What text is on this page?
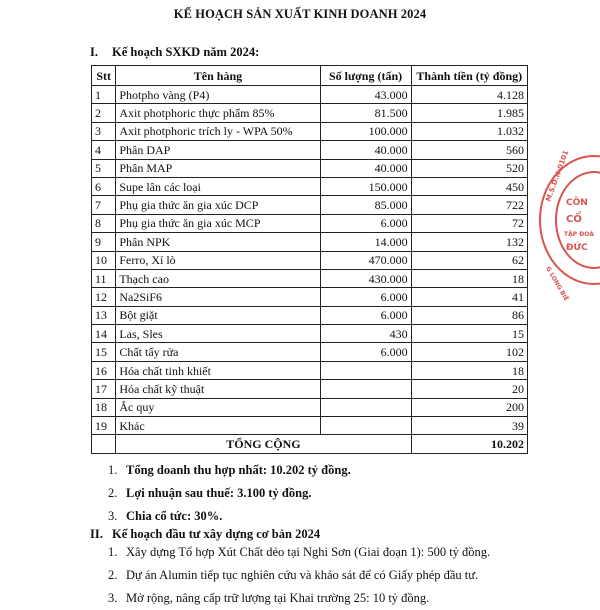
KẾ HOẠCH SẢN XUẤT KINH DOANH 2024
I. Kế hoạch SXKD năm 2024:
Stt	Tên hàng	Số lượng (tấn)	Thành tiền (tỷ đồng)
1	Photpho vàng (P4)	43.000	4.128
2	Axit photphoric thực phẩm 85%	81.500	1.985
3	Axit photphoric trích ly - WPA 50%	100.000	1.032
4	Phân DAP	40.000	560
5	Phân MAP	40.000	520
6	Supe lân các loại	150.000	450
7	Phụ gia thức ăn gia xúc DCP	85.000	722
8	Phụ gia thức ăn gia xúc MCP	6.000	72
9	Phân NPK	14.000	132
10	Ferro, Xỉ lò	470.000	62
11	Thạch cao	430.000	18
12	Na2SiF6	6.000	41
13	Bột giặt	6.000	86
14	Las, Sles	430	15
15	Chất tẩy rửa	6.000	102
16	Hóa chất tinh khiết		18
17	Hóa chất kỹ thuật		20
18	Ắc quy		200
19	Khác		39
	TỔNG CỘNG		10.202
1. Tổng doanh thu hợp nhất: 10.202 tỷ đồng.
2. Lợi nhuận sau thuế: 3.100 tỷ đồng.
3. Chia cổ tức: 30%.
II. Kế hoạch đầu tư xây dựng cơ bản 2024
1. Xây dựng Tổ hợp Xút Chất dẻo tại Nghi Sơn (Giai đoạn 1): 500 tỷ đồng.
2. Dự án Alumin tiếp tục nghiên cứu và khảo sát để có Giấy phép đầu tư.
3. Mở rộng, nâng cấp trữ lượng tại Khai trường 25: 10 tỷ đồng.
M.S.D.N:0101
CÔN
CỔ
TẬP ĐOÀ
ĐỨC
G LONG BIÊ
